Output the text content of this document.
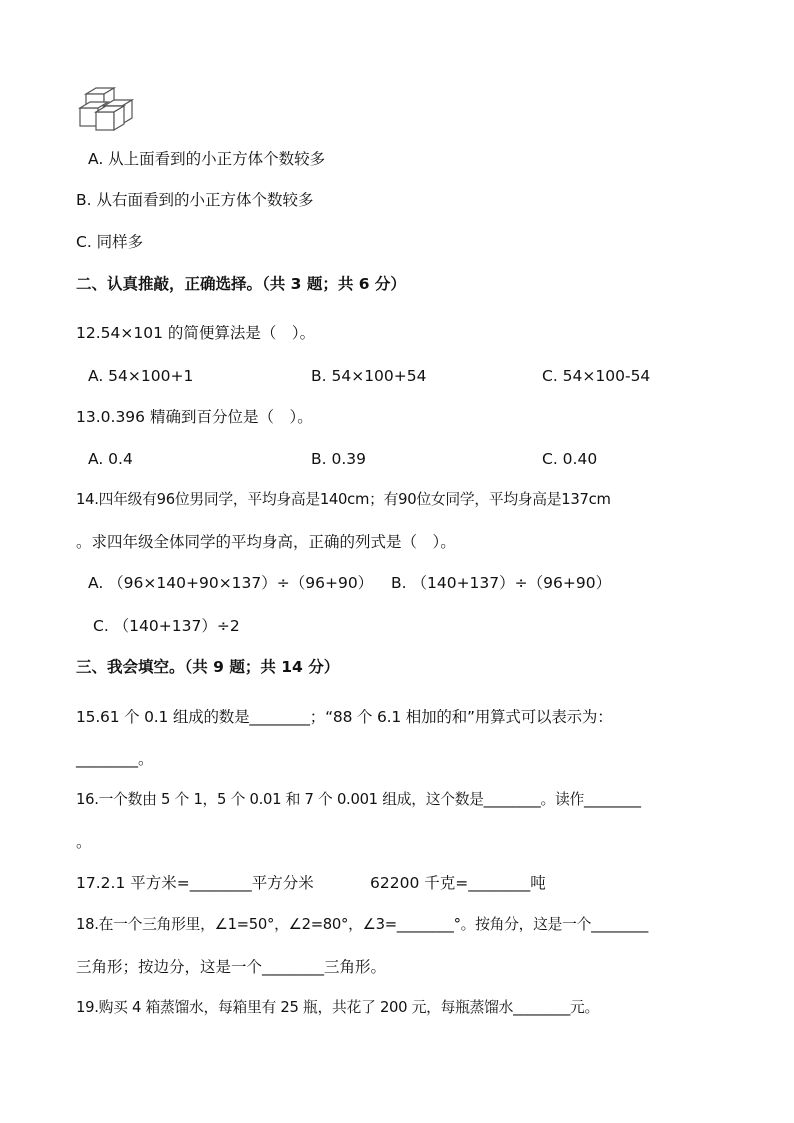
A. 从上面看到的小正方体个数较多
B. 从右面看到的小正方体个数较多
C. 同样多
二、认真推敲，正确选择。（共 3 题；共 6 分）
12.54×101 的简便算法是（　）。
A. 54×100+1	B. 54×100+54	C. 54×100-54
13.0.396 精确到百分位是（　）。
A. 0.4	B. 0.39	C. 0.40
14.四年级有96位男同学，平均身高是140cm；有90位女同学，平均身高是137cm
。求四年级全体同学的平均身高，正确的列式是（　）。
A. （96×140+90×137）÷（96+90） B. （140+137）÷（96+90）
C. （140+137）÷2
三、我会填空。（共 9 题；共 14 分）
15.61 个 0.1 组成的数是________；“88 个 6.1 相加的和”用算式可以表示为：
________。
16.一个数由 5 个 1，5 个 0.01 和 7 个 0.001 组成，这个数是________。读作________
。
17.2.1 平方米=________平方分米	62200 千克=________吨
18.在一个三角形里，∠1=50°，∠2=80°，∠3=________°。按角分，这是一个________
三角形；按边分，这是一个________三角形。
19.购买 4 箱蒸馏水，每箱里有 25 瓶，共花了 200 元，每瓶蒸馏水________元。
